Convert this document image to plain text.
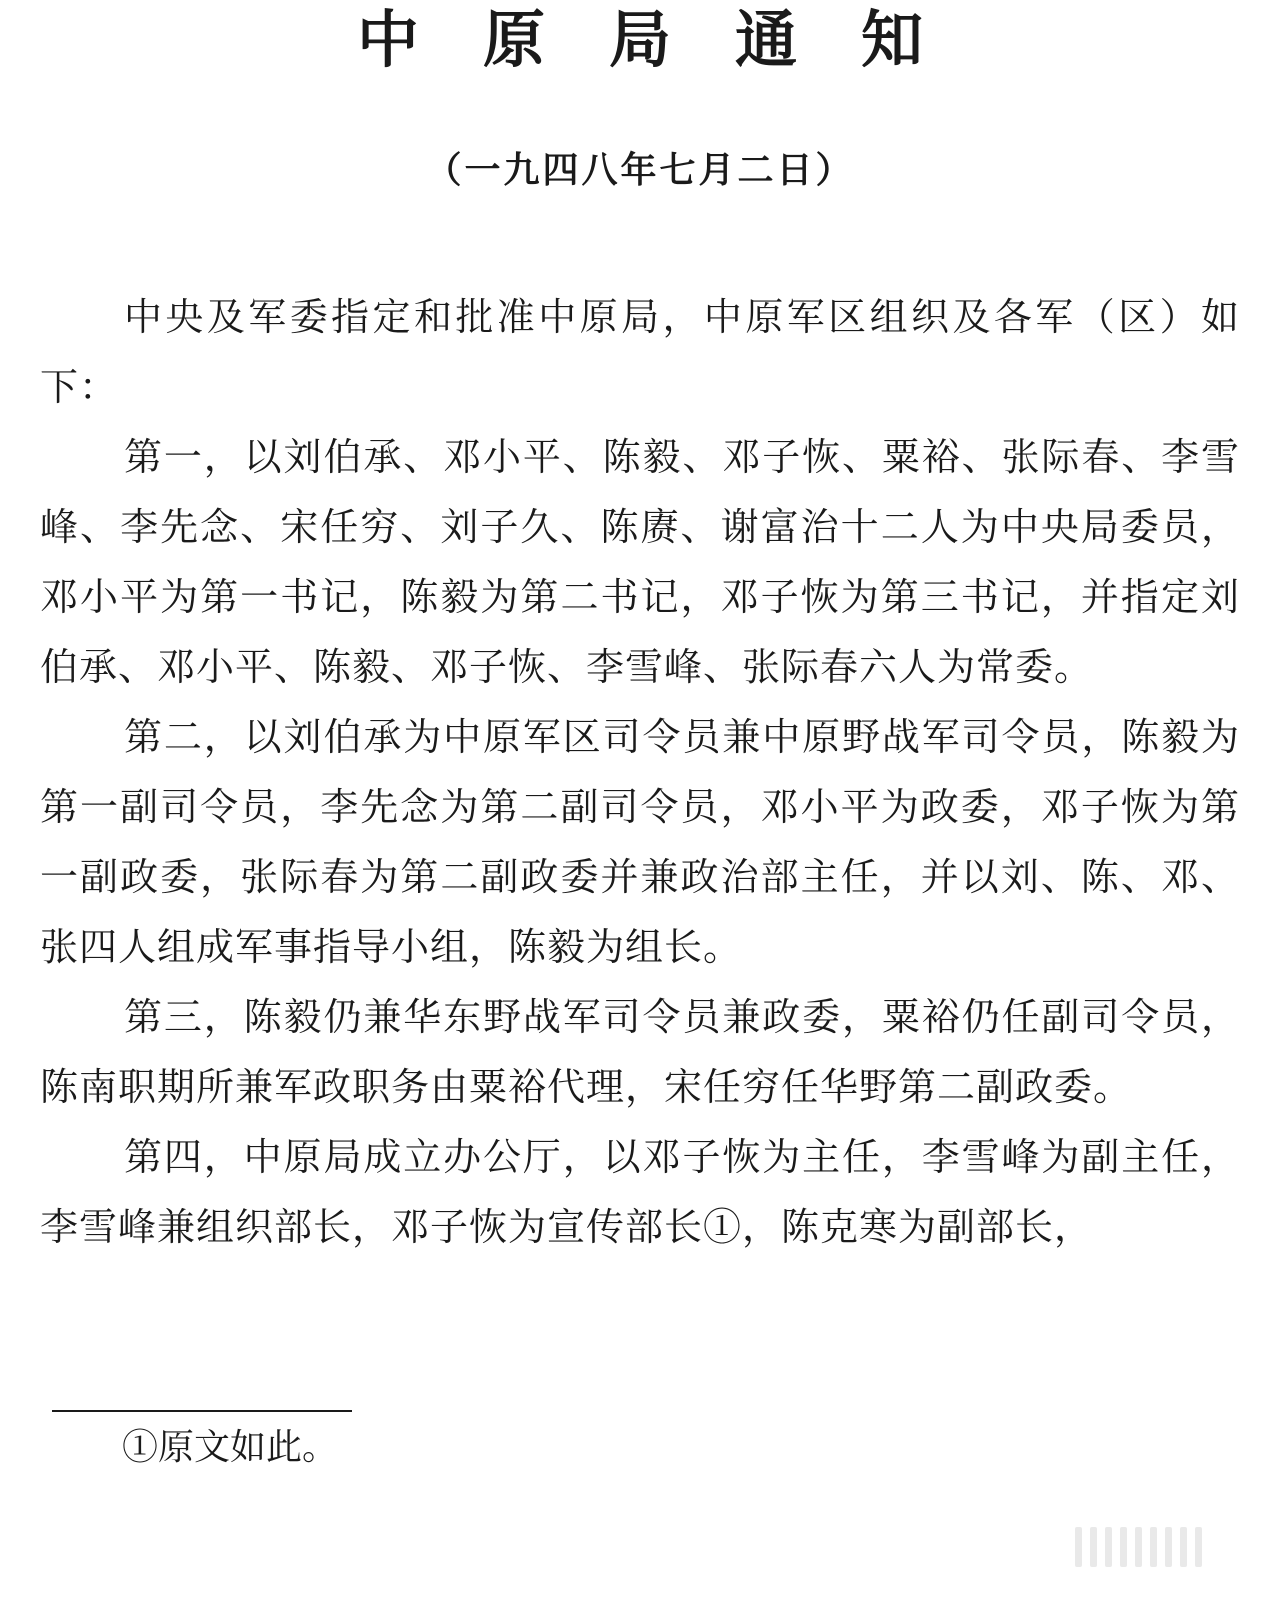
中原局通知
（一九四八年七月二日）

中央及军委指定和批准中原局，中原军区组织及各军（区）如下：

第一，以刘伯承、邓小平、陈毅、邓子恢、粟裕、张际春、李雪峰、李先念、宋任穷、刘子久、陈赓、谢富治十二人为中央局委员，邓小平为第一书记，陈毅为第二书记，邓子恢为第三书记，并指定刘伯承、邓小平、陈毅、邓子恢、李雪峰、张际春六人为常委。

第二，以刘伯承为中原军区司令员兼中原野战军司令员，陈毅为第一副司令员，李先念为第二副司令员，邓小平为政委，邓子恢为第一副政委，张际春为第二副政委并兼政治部主任，并以刘、陈、邓、张四人组成军事指导小组，陈毅为组长。

第三，陈毅仍兼华东野战军司令员兼政委，粟裕仍任副司令员，陈南职期所兼军政职务由粟裕代理，宋任穷任华野第二副政委。

第四，中原局成立办公厅，以邓子恢为主任，李雪峰为副主任，李雪峰兼组织部长，邓子恢为宣传部长①，陈克寒为副部长，

①原文如此。
